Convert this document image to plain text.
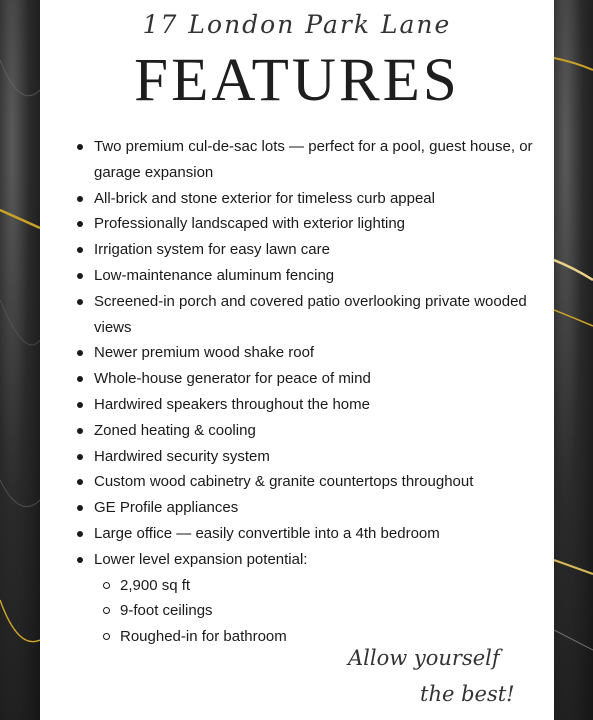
17 London Park Lane
FEATURES
Two premium cul-de-sac lots — perfect for a pool, guest house, or garage expansion
All-brick and stone exterior for timeless curb appeal
Professionally landscaped with exterior lighting
Irrigation system for easy lawn care
Low-maintenance aluminum fencing
Screened-in porch and covered patio overlooking private wooded views
Newer premium wood shake roof
Whole-house generator for peace of mind
Hardwired speakers throughout the home
Zoned heating & cooling
Hardwired security system
Custom wood cabinetry & granite countertops throughout
GE Profile appliances
Large office — easily convertible into a 4th bedroom
Lower level expansion potential:
2,900 sq ft
9-foot ceilings
Roughed-in for bathroom
Allow yourself
the best!
